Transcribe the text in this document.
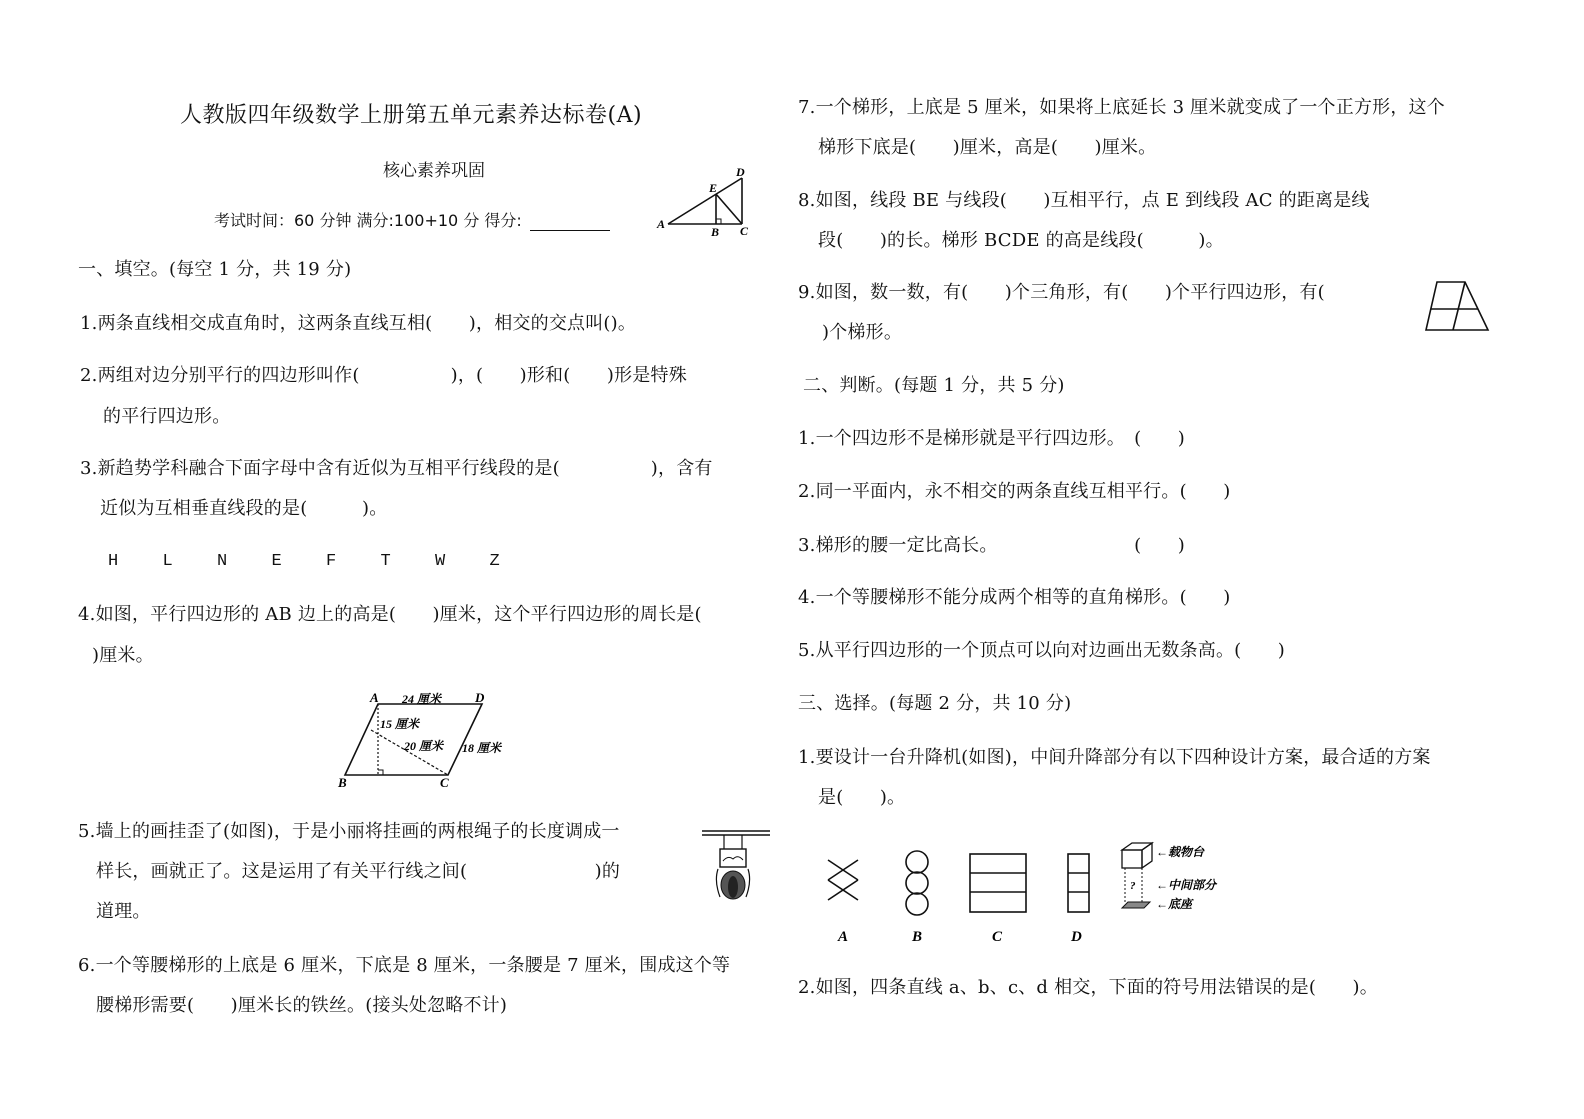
人教版四年级数学上册第五单元素养达标卷(A)
核心素养巩固
考试时间：60 分钟 满分:100+10 分 得分:	A
B C
D
E
一、填空。(每空 1 分，共 19 分)
1.两条直线相交成直角时，这两条直线互相(　　)，相交的交点叫()。
2.两组对边分别平行的四边形叫作(　　　　　)，(　　)形和(　　)形是特殊
的平行四边形。
3.新趋势学科融合下面字母中含有近似为互相平行线段的是(　　　　　)，含有
近似为互相垂直线段的是(　　　)。
H	L	N	E	F	T	W	Z
4.如图，平行四边形的 AB 边上的高是(　　)厘米，这个平行四边形的周长是(
)厘米。
A	D
B	C
24 厘米
15 厘米
20 厘米 18 厘米
5.墙上的画挂歪了(如图)，于是小丽将挂画的两根绳子的长度调成一
样长，画就正了。这是运用了有关平行线之间(　　　　　　　)的
道理。
6.一个等腰梯形的上底是 6 厘米，下底是 8 厘米，一条腰是 7 厘米，围成这个等
腰梯形需要(　　)厘米长的铁丝。(接头处忽略不计)
7.一个梯形，上底是 5 厘米，如果将上底延长 3 厘米就变成了一个正方形，这个
梯形下底是(　　)厘米，高是(　　)厘米。
8.如图，线段 BE 与线段(　　)互相平行，点 E 到线段 AC 的距离是线
段(　　)的长。梯形 BCDE 的高是线段(　　　)。
9.如图，数一数，有(　　)个三角形，有(　　)个平行四边形，有(
)个梯形。
二、判断。(每题 1 分，共 5 分)
1.一个四边形不是梯形就是平行四边形。　(　　)
2.同一平面内，永不相交的两条直线互相平行。(　　)
3.梯形的腰一定比高长。　　　　　　　　(　　)
4.一个等腰梯形不能分成两个相等的直角梯形。(　　)
5.从平行四边形的一个顶点可以向对边画出无数条高。(　　)
三、选择。(每题 2 分，共 10 分)
1.要设计一台升降机(如图)，中间升降部分有以下四种设计方案，最合适的方案
是(　　)。
?
←载物台
←中间部分
←底座
A	B	C	D
2.如图，四条直线 a、b、c、d 相交，下面的符号用法错误的是(　　)。
